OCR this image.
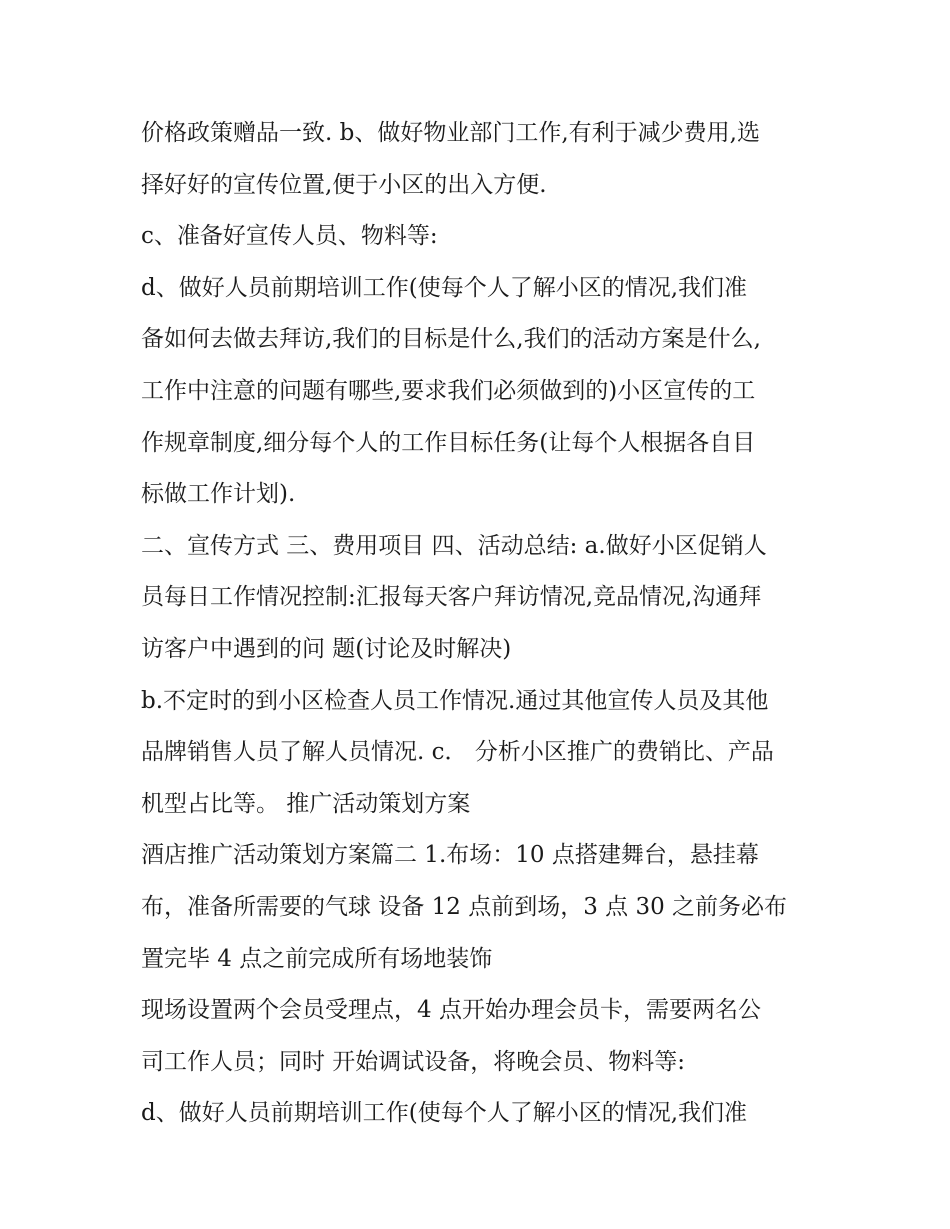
价格政策赠品一致. b、做好物业部门工作,有利于减少费用,选
择好好的宣传位置,便于小区的出入方便.
c、准备好宣传人员、物料等:
d、做好人员前期培训工作(使每个人了解小区的情况,我们准
备如何去做去拜访,我们的目标是什么,我们的活动方案是什么,
工作中注意的问题有哪些,要求我们必须做到的)小区宣传的工
作规章制度,细分每个人的工作目标任务(让每个人根据各自目
标做工作计划).
二、宣传方式 三、费用项目 四、活动总结: a.做好小区促销人
员每日工作情况控制:汇报每天客户拜访情况,竞品情况,沟通拜
访客户中遇到的问 题(讨论及时解决)
b.不定时的到小区检查人员工作情况.通过其他宣传人员及其他
品牌销售人员了解人员情况. c． 分析小区推广的费销比、产品
机型占比等。 推广活动策划方案
酒店推广活动策划方案篇二 1.布场：10 点搭建舞台，悬挂幕
布，准备所需要的气球 设备 12 点前到场，3 点 30 之前务必布
置完毕 4 点之前完成所有场地装饰
现场设置两个会员受理点，4 点开始办理会员卡，需要两名公
司工作人员；同时 开始调试设备，将晚会员、物料等:
d、做好人员前期培训工作(使每个人了解小区的情况,我们准
